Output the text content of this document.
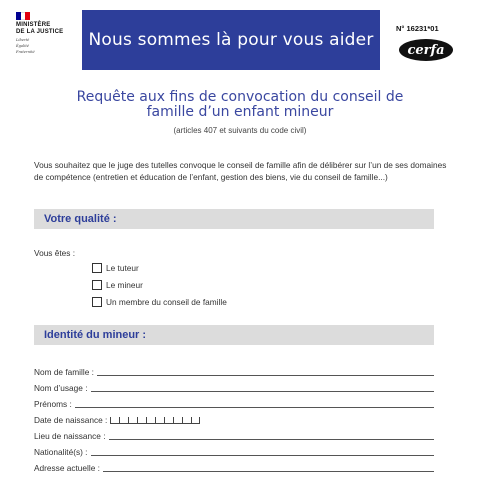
MINISTÈRE
DE LA JUSTICE
Liberté
Égalité
Fraternité
Nous sommes là pour vous aider
N° 16231*01
cerfa
Requête aux fins de convocation du conseil de
famille d’un enfant mineur
(articles 407 et suivants du code civil)
Vous souhaitez que le juge des tutelles convoque le conseil de famille afin de délibérer sur l’un de ses domaines de compétence (entretien et éducation de l’enfant, gestion des biens, vie du conseil de famille...)
Votre qualité :
Vous êtes :
Le tuteur
Le mineur
Un membre du conseil de famille
Identité du mineur :
Nom de famille :
Nom d’usage :
Prénoms :
Date de naissance :
Lieu de naissance :
Nationalité(s) :
Adresse actuelle :
